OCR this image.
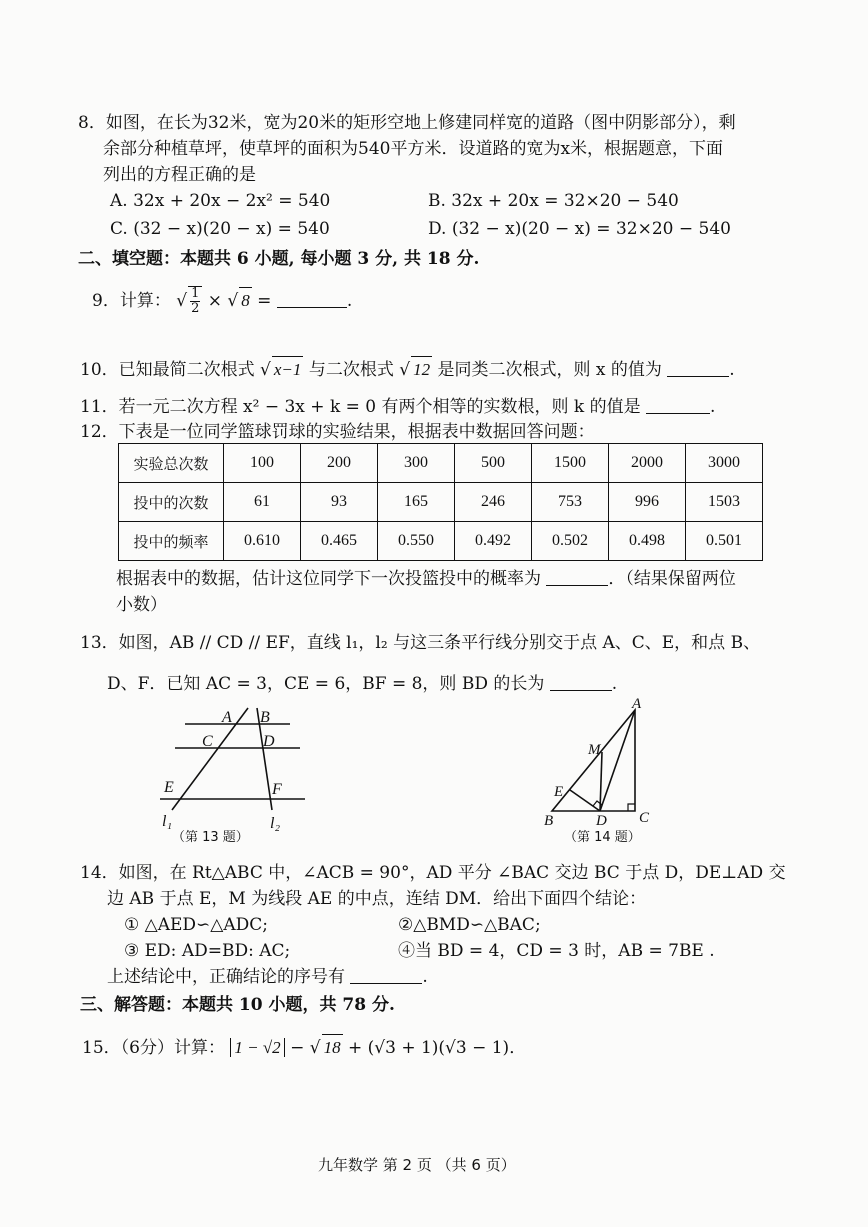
8．如图，在长为32米，宽为20米的矩形空地上修建同样宽的道路（图中阴影部分），剩
余部分种植草坪，使草坪的面积为540平方米．设道路的宽为x米，根据题意，下面
列出的方程正确的是
A. 32x + 20x − 2x² = 540	B. 32x + 20x = 32×20 − 540
C. (32 − x)(20 − x) = 540	D. (32 − x)(20 − x) = 32×20 − 540
二、填空题：本题共 6 小题, 每小题 3 分, 共 18 分.
9．计算： √ $\frac{1}{2}$ × √ 8 =	.
10．已知最简二次根式 √ x−1 与二次根式 √ 12 是同类二次根式，则 x 的值为	.
11．若一元二次方程 x² − 3x + k = 0 有两个相等的实数根，则 k 的值是	.
12．下表是一位同学篮球罚球的实验结果，根据表中数据回答问题：
实验总次数	100	200	300	500	1500	2000	3000
投中的次数	61	93	165	246	753	996	1503
投中的频率	0.610	0.465	0.550	0.492	0.502	0.498	0.501
根据表中的数据，估计这位同学下一次投篮投中的概率为	．（结果保留两位
小数）
13．如图，AB // CD // EF，直线 l₁，l₂ 与这三条平行线分别交于点 A、C、E，和点 B、
D、F．已知 AC = 3，CE = 6，BF = 8，则 BD 的长为	.
A B
C	D
E	F
l₁	l₂
（第 13 题）
A
M
E
B	D C
（第 14 题）
14．如图，在 Rt△ABC 中，∠ACB = 90°，AD 平分 ∠BAC 交边 BC 于点 D，DE⊥AD 交
边 AB 于点 E，M 为线段 AE 的中点，连结 DM．给出下面四个结论：
① △AED∽△ADC;	②△BMD∽△BAC;
③ ED: AD=BD: AC;	④当 BD = 4，CD = 3 时，AB = 7BE .
上述结论中，正确结论的序号有	.
三、解答题：本题共 10 小题，共 78 分.
15．（6分）计算： 1 − √2 − √ 18 + (√3 + 1)(√3 − 1)．
九年数学 第 2 页 （共 6 页）
